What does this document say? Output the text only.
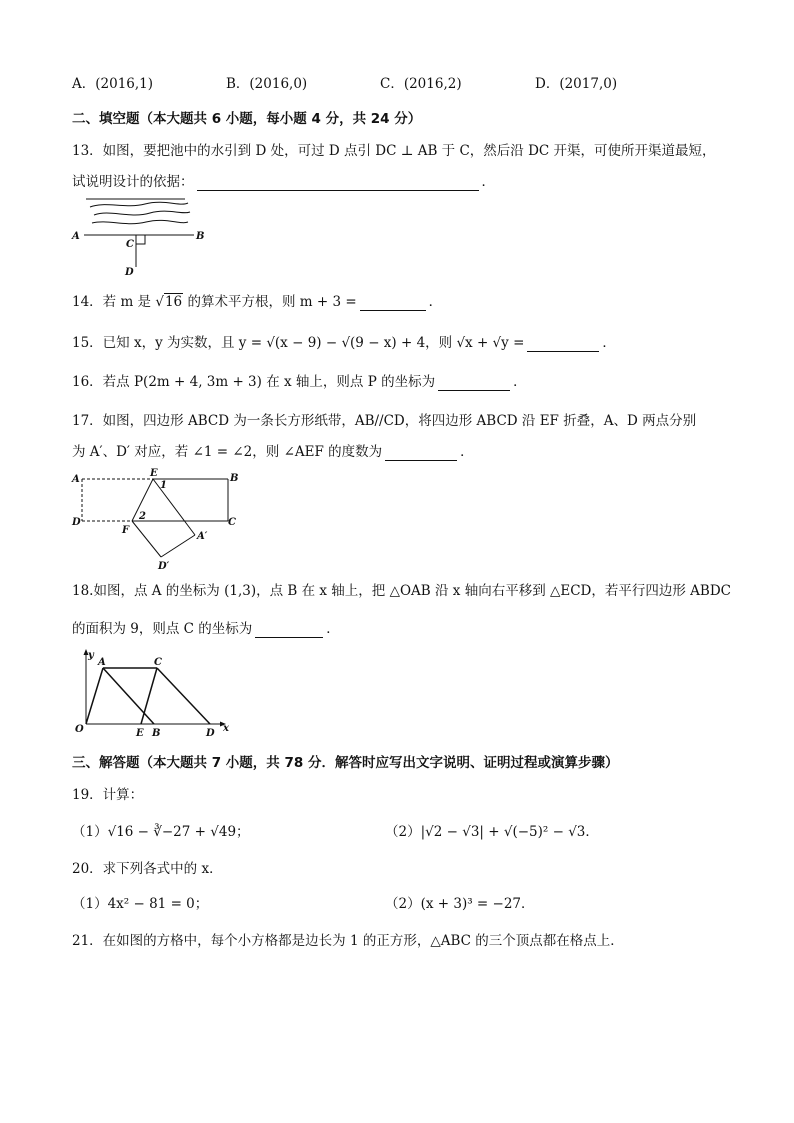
A．(2016,1)	B．(2016,0)	C．(2016,2)	D．(2017,0)
二、填空题（本大题共 6 小题，每小题 4 分，共 24 分）
13．如图，要把池中的水引到 D 处，可过 D 点引 DC ⊥ AB 于 C，然后沿 DC 开渠，可使所开渠道最短，
试说明设计的依据：	．
A	B
C
D
14．若 m 是 √16 的算术平方根，则 m + 3 =	．
15．已知 x，y 为实数，且 y = √(x − 9) − √(9 − x) + 4，则 √x + √y =	．
16．若点 P(2m + 4, 3m + 3) 在 x 轴上，则点 P 的坐标为	．
17．如图，四边形 ABCD 为一条长方形纸带，AB//CD，将四边形 ABCD 沿 EF 折叠，A、D 两点分别
为 A′、D′ 对应，若 ∠1 = ∠2，则 ∠AEF 的度数为	．
A	B
C
D
E
F
A′
D′
1
2
18.如图，点 A 的坐标为 (1,3)，点 B 在 x 轴上，把 △OAB 沿 x 轴向右平移到 △ECD，若平行四边形 ABDC
的面积为 9，则点 C 的坐标为	．
y
x
O
A	C
E B	D
三、解答题（本大题共 7 小题，共 78 分．解答时应写出文字说明、证明过程或演算步骤）
19．计算：
（1）√16 − ∛−27 + √49；	（2）|√2 − √3| + √(−5)² − √3．
20．求下列各式中的 x．
（1）4x² − 81 = 0；	（2）(x + 3)³ = −27．
21．在如图的方格中，每个小方格都是边长为 1 的正方形，△ABC 的三个顶点都在格点上．
